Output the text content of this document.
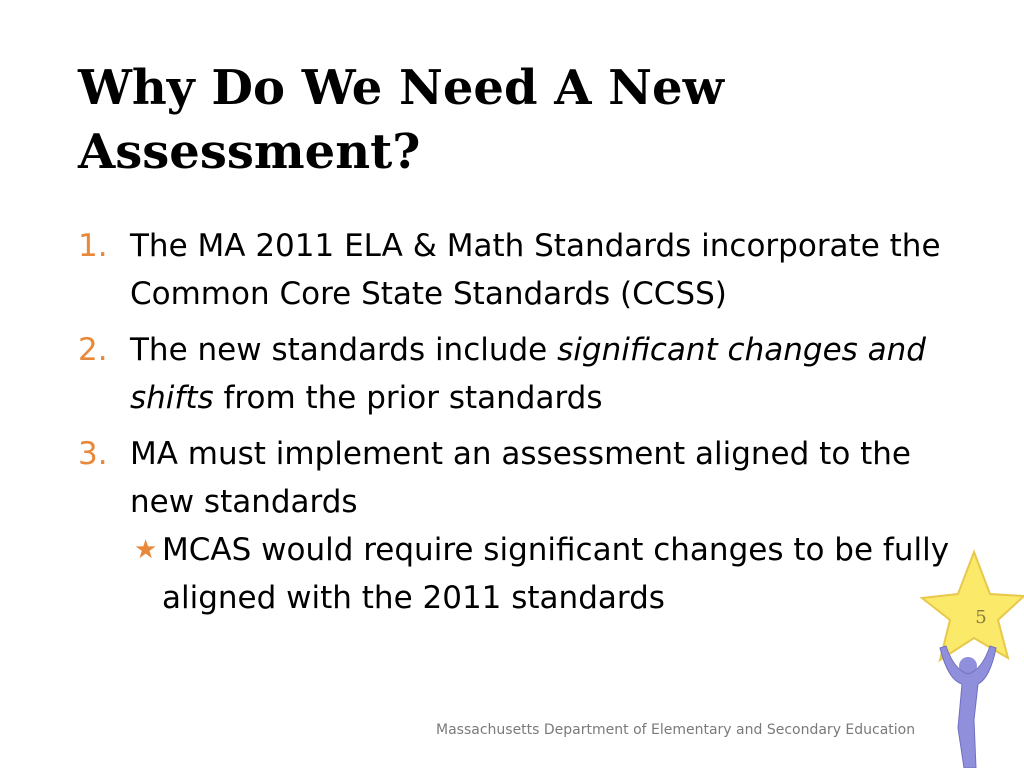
Why Do We Need A New Assessment?
1. The MA 2011 ELA & Math Standards incorporate the Common Core State Standards (CCSS)
2. The new standards include significant changes and shifts from the prior standards
3. MA must implement an assessment aligned to the new standards
★ MCAS would require significant changes to be fully aligned with the 2011 standards
Massachusetts Department of Elementary and Secondary Education
5
